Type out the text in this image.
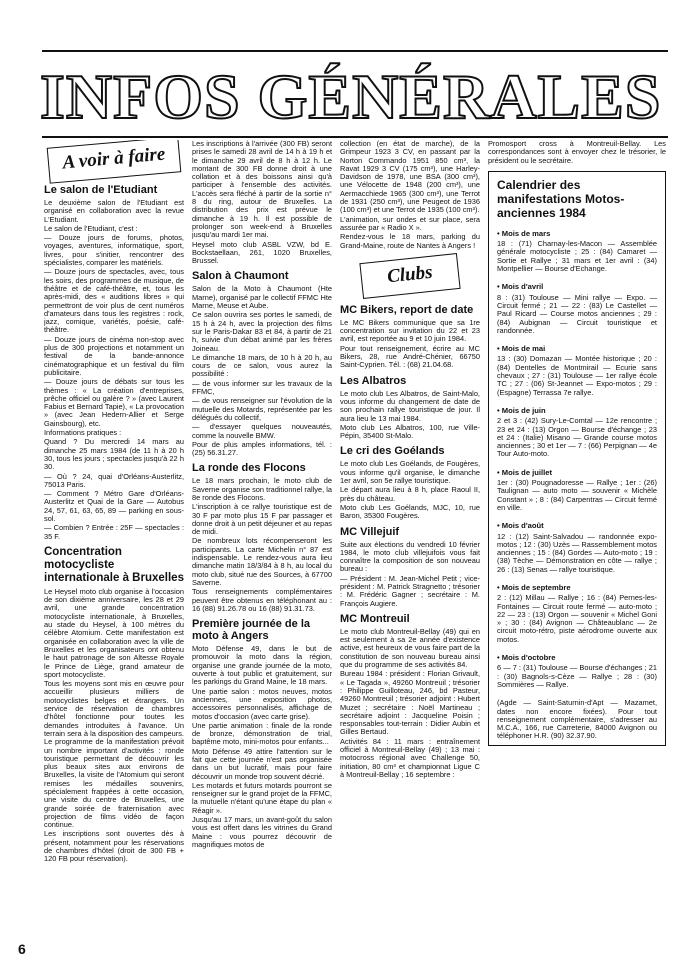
INFOS GÉNÉRALES
A voir à faire
Le salon de l'Etudiant

Le deuxième salon de l'Etudiant est organisé en collaboration avec la revue L'Etudiant.

Le salon de l'Etudiant, c'est :

— Douze jours de forums, photos, voyages, aventures, informatique, sport, livres, pour s'initier, rencontrer des spécialistes, comparer les matériels.

— Douze jours de spectacles, avec, tous les soirs, des programmes de musique, de théâtre et de café-théâtre, et, tous les après-midi, des « auditions libres » qui permettront de voir plus de cent numéros d'amateurs dans tous les registres : rock, jazz, comique, variétés, poésie, café-théâtre.

— Douze jours de cinéma non-stop avec plus de 300 projections et notamment un festival de la bande-annonce cinématographique et un festival du film publicitaire.

— Douze jours de débats sur tous les thèmes : « La création d'entreprises, prêche officiel ou galère ? » (avec Laurent Fabius et Bernard Tapie), « La provocation » (avec Jean Hedern-Allier et Serge Gainsbourg), etc.

Informations pratiques :

Quand ? Du mercredi 14 mars au dimanche 25 mars 1984 (de 11 h à 20 h 30, tous les jours ; spectacles jusqu'à 22 h 30.

— Où ? 24, quai d'Orléans-Austerlitz, 75013 Paris.

— Comment ? Métro Gare d'Orléans-Austerlitz et Quai de la Gare — Autobus 24, 57, 61, 63, 65, 89 — parking en sous-sol.

— Combien ? Entrée : 25F — spectacles : 35 F.

Concentration motocycliste internationale à Bruxelles

Le Heysel moto club organise à l'occasion de son dixième anniversaire, les 28 et 29 avril, une grande concentration motocycliste internationale, à Bruxelles, au stade du Heysel, à 100 mètres du célèbre Atomium. Cette manifestation est organisée en collaboration avec la ville de Bruxelles et les organisateurs ont obtenu le haut patronage de son Altesse Royale le Prince de Liège, grand amateur de sport motocycliste.

Tous les moyens sont mis en œuvre pour accueillir plusieurs milliers de motocyclistes belges et étrangers. Un service de réservation de chambres d'hôtel fonctionne pour toutes les demandes introduites à l'avance. Un terrain sera à la disposition des campeurs. Le programme de la manifestation prévoit un nombre important d'activités : ronde touristique permettant de découvrir les plus beaux sites aux environs de Bruxelles, la visite de l'Atomium qui seront remises les médailles souvenirs, spécialement frappées à cette occasion, une visite du centre de Bruxelles, une grande soirée de fraternisation avec projection de films vidéo de façon continue.

Les inscriptions sont ouvertes dès à présent, notamment pour les réservations de chambres d'hôtel (droit de 300 FB + 120 FB pour réservation).

Les inscriptions à l'arrivée (300 FB) seront prises le samedi 28 avril de 14 h à 19 h et le dimanche 29 avril de 8 h à 12 h. Le montant de 300 FB donne droit à une collation et à des boissons ainsi qu'à participer à l'ensemble des activités. L'accès sera fléché à partir de la sortie n° 8 du ring, autour de Bruxelles. La distribution des prix est prévue le dimanche à 19 h. Il est possible de prolonger son week-end à Bruxelles jusqu'au mardi 1er mai.

Heysel moto club ASBL VZW, bd E. Bockstaellaan, 261, 1020 Bruxelles, Brussel.

Salon à Chaumont

Salon de la Moto à Chaumont (Hte Marne), organisé par le collectif FFMC Hte Marne, Meuse et Aube.

Ce salon ouvrira ses portes le samedi, de 15 h à 24 h, avec la projection des films sur le Paris-Dakar 83 et 84, à partir de 21 h, suivie d'un débat animé par les frères Joineau.

Le dimanche 18 mars, de 10 h à 20 h, au cours de ce salon, vous aurez la possibilité :

— de vous informer sur les travaux de la FFMC,

— de vous renseigner sur l'évolution de la mutuelle des Motards, représentée par les délégués du collectif,

— d'essayer quelques nouveautés, comme la nouvelle BMW.

Pour de plus amples informations, tél. : (25) 56.31.27.

La ronde des Flocons

Le 18 mars prochain, le moto club de Saverne organise son traditionnel rallye, la 8e ronde des Flocons.

L'inscription à ce rallye touristique est de 30 F par moto plus 15 F par passager et donne droit à un petit déjeuner et au repas de midi.

De nombreux lots récompenseront les participants. La carte Michelin n° 87 est indispensable. Le rendez-vous aura lieu dimanche matin 18/3/84 à 8 h, au local du moto club, situé rue des Sources, à 67700 Saverne.

Tous renseignements complémentaires peuvent être obtenus en téléphonant au : 16 (88) 91.26.78 ou 16 (88) 91.31.73.

Première journée de la moto à Angers

Moto Défense 49, dans le but de promouvoir la moto dans la région, organise une grande journée de la moto, ouverte à tout public et gratuitement, sur les parkings du Grand Maine, le 18 mars.

Une partie salon : motos neuves, motos anciennes, une exposition photos, accessoires personnalisés, affichage de motos d'occasion (avec carte grise).

Une partie animation : finale de la ronde de bronze, démonstration de trial, baptême moto, mini-motos pour enfants...

Moto Défense 49 attire l'attention sur le fait que cette journée n'est pas organisée dans un but lucratif, mais pour faire découvrir un monde trop souvent décrié.

Les motards et futurs motards pourront se renseigner sur le grand projet de la FFMC, la mutuelle n'étant qu'une étape du plan « Réagir ».

Jusqu'au 17 mars, un avant-goût du salon vous est offert dans les vitrines du Grand Maine : vous pourrez découvrir de magnifiques motos de

collection (en état de marche), de la Grimpeur 1923 3 CV, en passant par la Norton Commando 1951 850 cm³, la Ravat 1929 3 CV (175 cm³), une Harley-Davidson de 1978, une BSA (300 cm³), une Vélocette de 1948 (200 cm³), une Aermacchiede 1965 (300 cm³), une Terrot de 1931 (250 cm³), une Peugeot de 1936 (100 cm³) et une Terrot de 1935 (100 cm³).

L'animation, sur ondes et sur place, sera assurée par « Radio X ».

Rendez-vous le 18 mars, parking du Grand-Maine, route de Nantes à Angers !

Clubs
MC Bikers, report de date

Le MC Bikers communique que sa 1re concentration sur invitation du 22 et 23 avril, est reportée au 9 et 10 juin 1984.

Pour tout renseignement, écrire au MC Bikers, 28, rue André-Chénier, 66750 Saint-Cyprien. Tél. : (68) 21.04.68.

Les Albatros

Le moto club Les Albatros, de Saint-Malo, vous informe du changement de date de son prochain rallye touristique de jour. Il aura lieu le 13 mai 1984.

Moto club Les Albatros, 100, rue Ville-Pépin, 35400 St-Malo.

Le cri des Goélands

Le moto club Les Goélands, de Fougères, vous informe qu'il organise, le dimanche 1er avril, son 5e rallye touristique.

Le départ aura lieu à 8 h, place Raoul II, près du château.

Moto club Les Goélands, MJC, 10, rue Baron, 35300 Fougères.

MC Villejuif

Suite aux élections du vendredi 10 février 1984, le moto club villejuifois vous fait connaître la composition de son nouveau bureau :

— Président : M. Jean-Michel Petit ; vice-président : M. Patrick Stragnetto ; trésorier : M. Frédéric Gagner ; secrétaire : M. François Augiere.

MC Montreuil

Le moto club Montreuil-Bellay (49) qui en est seulement à sa 2e année d'existence active, est heureux de vous faire part de la constitution de son nouveau bureau ainsi que du programme de ses activités 84.

Bureau 1984 : président : Florian Grivault, « Le Tagada », 49260 Montreuil ; trésorier : Philippe Guilloteau, 246, bd Pasteur, 49260 Montreuil ; trésorier adjoint : Hubert Muzet ; secrétaire : Noël Martineau ; secrétaire adjoint : Jacqueline Poisin ; responsables tout-terrain : Didier Aubin et Gilles Bertaud.

Activités 84 : 11 mars : entraînement officiel à Montreuil-Bellay (49) ; 13 mai : motocross régional avec Challenge 50, initiation, 80 cm³ et championnat Ligue C à Montreuil-Bellay ; 16 septembre :

Promosport cross à Montreuil-Bellay. Les correspondances sont à envoyer chez le trésorier, le président ou le secrétaire.

Calendrier des manifestations Motos-anciennes 1984

• Mois de mars

18 : (71) Charnay-les-Macon — Assemblée générale motocycliste ; 25 : (84) Camaret — Sortie et Rallye ; 31 mars et 1er avril : (34) Montpellier — Bourse d'Echange.

• Mois d'avril

8 : (31) Toulouse — Mini rallye — Expo. — Circuit fermé ; 21 — 22 : (83) Le Castellet — Paul Ricard — Course motos anciennes ; 29 : (84) Aubignan — Circuit touristique et randonnée.

• Mois de mai

13 : (30) Domazan — Montée historique ; 20 : (84) Dentelles de Montmirail — Ecurie sans chevaux ; 27 : (31) Toulouse — 1er rallye école TC ; 27 : (06) St-Jeannet — Expo-motos ; 29 : (Espagne) Terrassa 7e rallye.

• Mois de juin

2 et 3 : (42) Sury-Le-Comtal — 12e rencontre ; 23 et 24 : (13) Orgon — Bourse d'échange ; 23 et 24 : (Italie) Misano — Grande course motos anciennes ; 30 et 1er — 7 : (66) Perpignan — 4e Tour Auto-moto.

• Mois de juillet

1er : (30) Pougnadoresse — Rallye ; 1er : (26) Taulignan — auto moto — souvenir « Michèle Constant » ; 8 : (84) Carpentras — Circuit fermé en ville.

• Mois d'août

12 : (12) Saint-Salvadou — randonnée expo-motos ; 12 : (30) Uzès — Rassemblement motos anciennes ; 15 : (84) Gordes — Auto-moto ; 19 : (38) Tèche — Démonstration en côte — rallye ; 26 : (13) Senas — rallye touristique.

• Mois de septembre

2 : (12) Millau — Rallye ; 16 : (84) Pernes-les-Fontaines — Circuit route fermé — auto-moto ; 22 — 23 : (13) Orgon — souvenir « Michel Goni » ; 30 : (84) Avignon — Châteaublanc — 2e circuit moto-rétro, piste aérodrome ouverte aux motos.

• Mois d'octobre

6 — 7 : (31) Toulouse — Bourse d'échanges ; 21 : (30) Bagnols-s-Cèze — Rallye ; 28 : (30) Sommières — Rallye.

(Agde — Saint-Saturnin-d'Apt — Mazamet, dates non encore fixées). Pour tout renseignement complémentaire, s'adresser au M.C.A., 166, rue Carreterie, 84000 Avignon ou téléphoner H.R. (90) 32.37.90.

6
